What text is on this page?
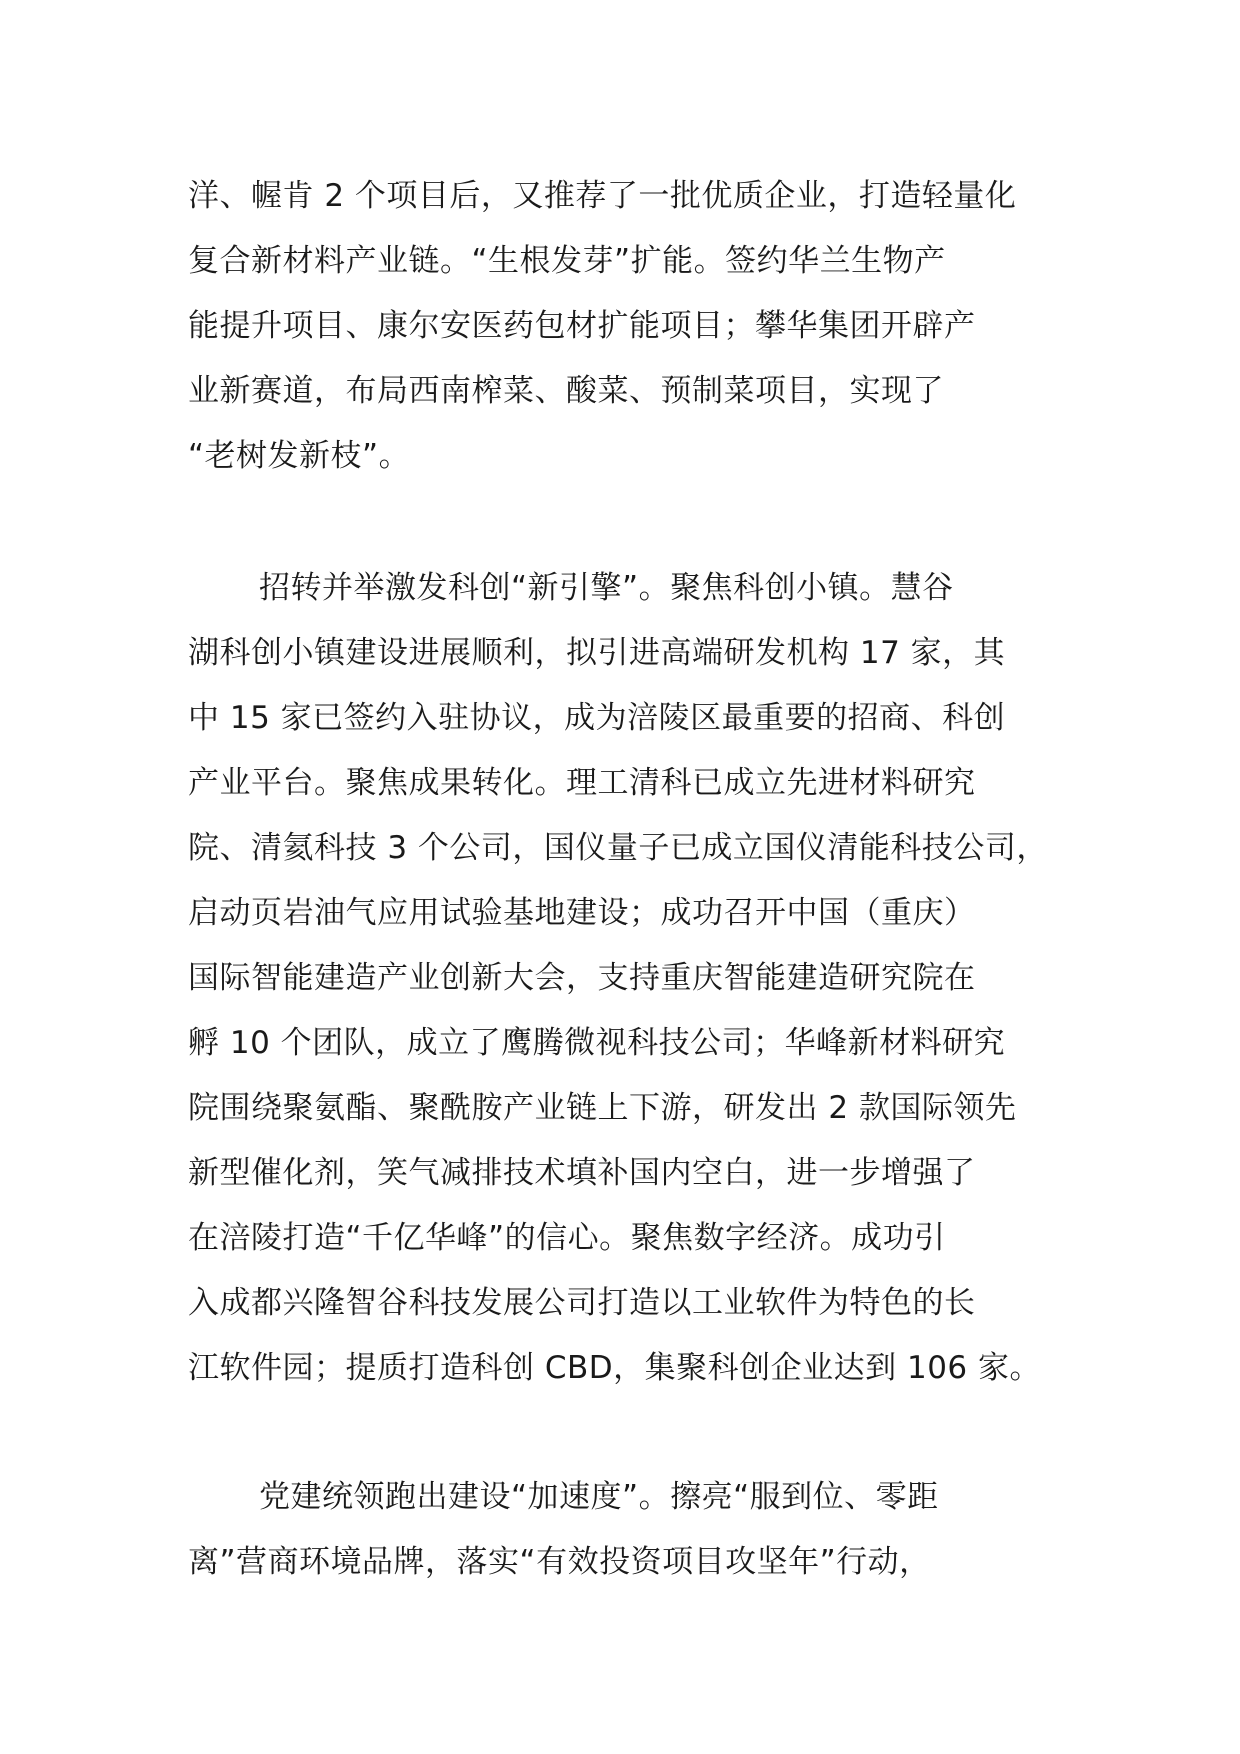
洋、幄肯 2 个项目后，又推荐了一批优质企业，打造轻量化
复合新材料产业链。“生根发芽”扩能。签约华兰生物产
能提升项目、康尔安医药包材扩能项目；攀华集团开辟产
业新赛道，布局西南榨菜、酸菜、预制菜项目，实现了
“老树发新枝”。
招转并举激发科创“新引擎”。聚焦科创小镇。慧谷
湖科创小镇建设进展顺利，拟引进高端研发机构 17 家，其
中 15 家已签约入驻协议，成为涪陵区最重要的招商、科创
产业平台。聚焦成果转化。理工清科已成立先进材料研究
院、清氦科技 3 个公司，国仪量子已成立国仪清能科技公司，
启动页岩油气应用试验基地建设；成功召开中国（重庆）
国际智能建造产业创新大会，支持重庆智能建造研究院在
孵 10 个团队，成立了鹰腾微视科技公司；华峰新材料研究
院围绕聚氨酯、聚酰胺产业链上下游，研发出 2 款国际领先
新型催化剂，笑气减排技术填补国内空白，进一步增强了
在涪陵打造“千亿华峰”的信心。聚焦数字经济。成功引
入成都兴隆智谷科技发展公司打造以工业软件为特色的长
江软件园；提质打造科创 CBD，集聚科创企业达到 106 家。
党建统领跑出建设“加速度”。擦亮“服到位、零距
离”营商环境品牌，落实“有效投资项目攻坚年”行动，
